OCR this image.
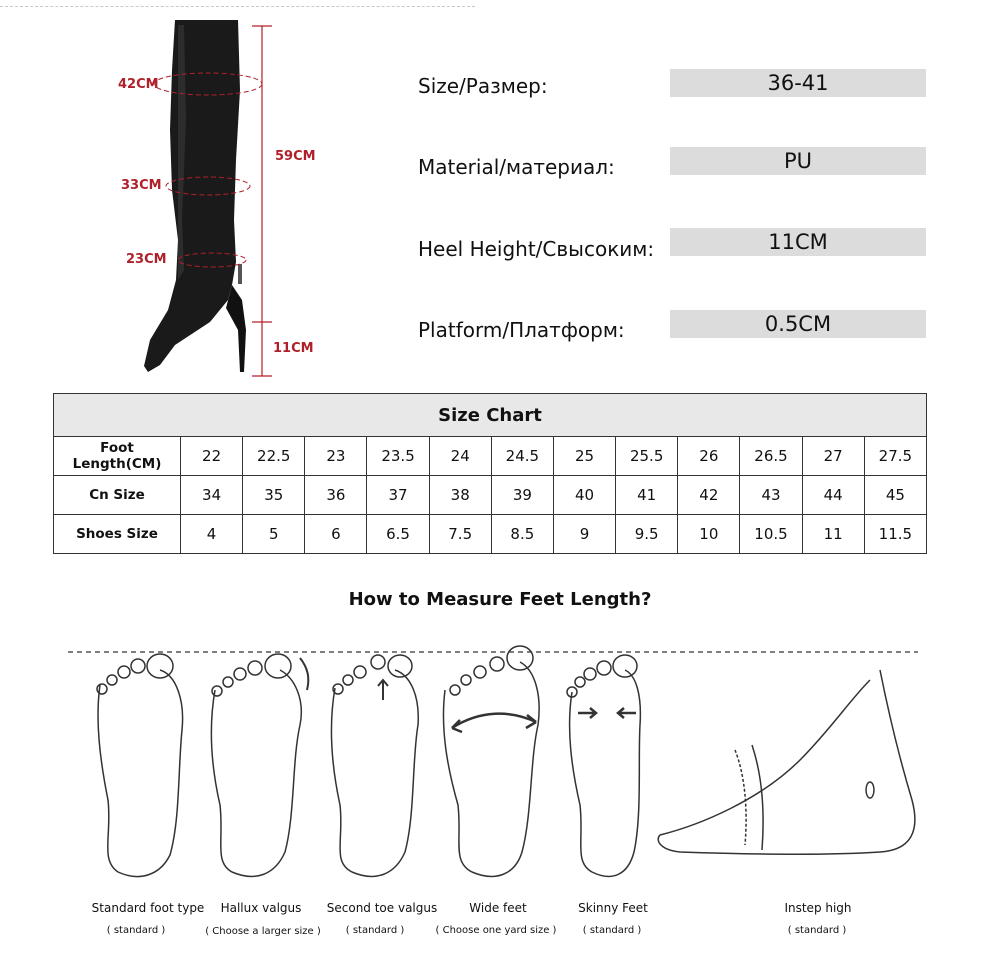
42CM
33CM
23CM
59CM
11CM
Size/Размер:	36-41
Material/материал:	PU
Heel Height/Свысоким:	11CM
Platform/Платформ:	0.5CM
Size Chart												
Foot Length(CM)	22	22.5	23	23.5	24	24.5	25	25.5	26	26.5	27	27.5
Cn Size	34	35	36	37	38	39	40	41	42	43	44	45
Shoes Size	4	5	6	6.5	7.5	8.5	9	9.5	10	10.5	11	11.5
How to Measure Feet Length?
Standard foot type
( standard )
Hallux valgus
( Choose a larger size )
Second toe valgus
( standard )
Wide feet
( Choose one yard size )
Skinny Feet
( standard )
Instep high
( standard )
